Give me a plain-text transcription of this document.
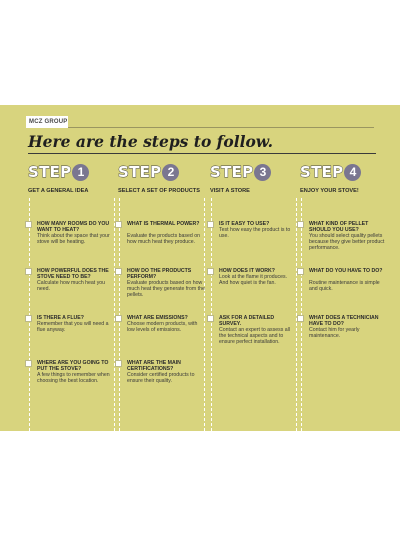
MCZ GROUP
Here are the steps to follow.
STEP 1
GET A GENERAL IDEA
HOW MANY ROOMS DO YOU WANT TO HEAT?
Think about the space that your stove will be heating.
HOW POWERFUL DOES THE STOVE NEED TO BE?
Calculate how much heat you need.
IS THERE A FLUE?
Remember that you will need a flue anyway.
WHERE ARE YOU GOING TO PUT THE STOVE?
A few things to remember when choosing the best location.
STEP 2
SELECT A SET OF PRODUCTS
WHAT IS THERMAL POWER?
Evaluate the products based on how much heat they produce.
HOW DO THE PRODUCTS PERFORM?
Evaluate products based on how much heat they generate from the pellets.
WHAT ARE EMISSIONS?
Choose modern products, with low levels of emissions.
WHAT ARE THE MAIN CERTIFICATIONS?
Consider certified products to ensure their quality.
STEP 3
VISIT A STORE
IS IT EASY TO USE?
Test how easy the product is to use.
HOW DOES IT WORK?
Look at the flame it produces. And how quiet is the fan.
ASK FOR A DETAILED SURVEY.
Contact an expert to assess all the technical aspects and to ensure perfect installation.
STEP 4
ENJOY YOUR STOVE!
WHAT KIND OF PELLET SHOULD YOU USE?
You should select quality pellets because they give better product performance.
WHAT DO YOU HAVE TO DO?
Routine maintenance is simple and quick.
WHAT DOES A TECHNICIAN HAVE TO DO?
Contact him for yearly maintenance.
